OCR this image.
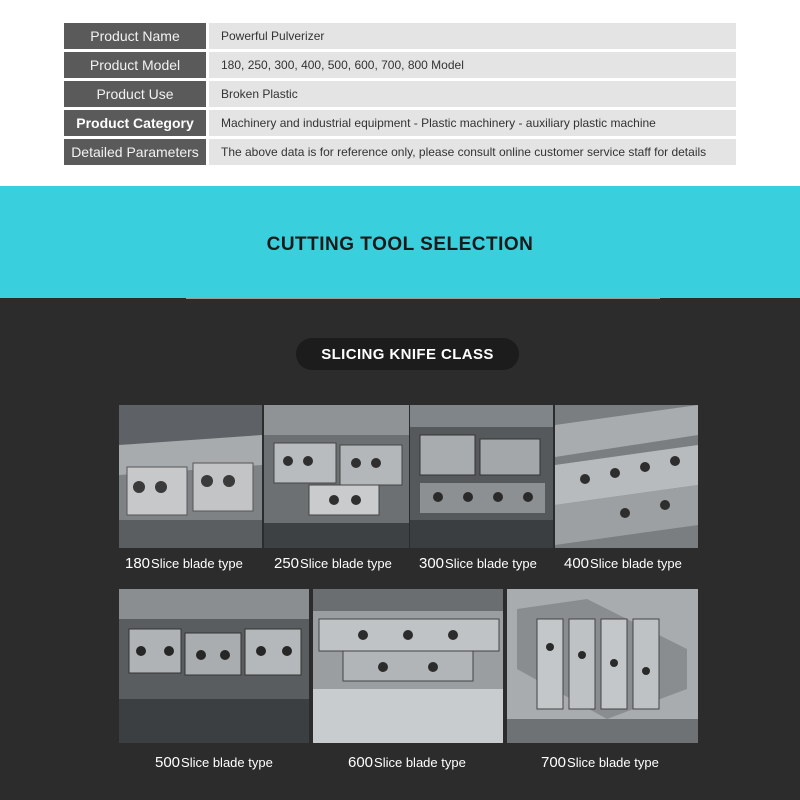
Product Name	Powerful Pulverizer
Product Model	180, 250, 300, 400, 500, 600, 700, 800 Model
Product Use	Broken Plastic
Product Category	Machinery and industrial equipment - Plastic machinery - auxiliary plastic machine
Detailed Parameters	The above data is for reference only, please consult online customer service staff for details
CUTTING TOOL SELECTION
SLICING KNIFE CLASS
180 Slice blade type 250 Slice blade type 300 Slice blade type 400 Slice blade type
500 Slice blade type	600 Slice blade type	700 Slice blade type
